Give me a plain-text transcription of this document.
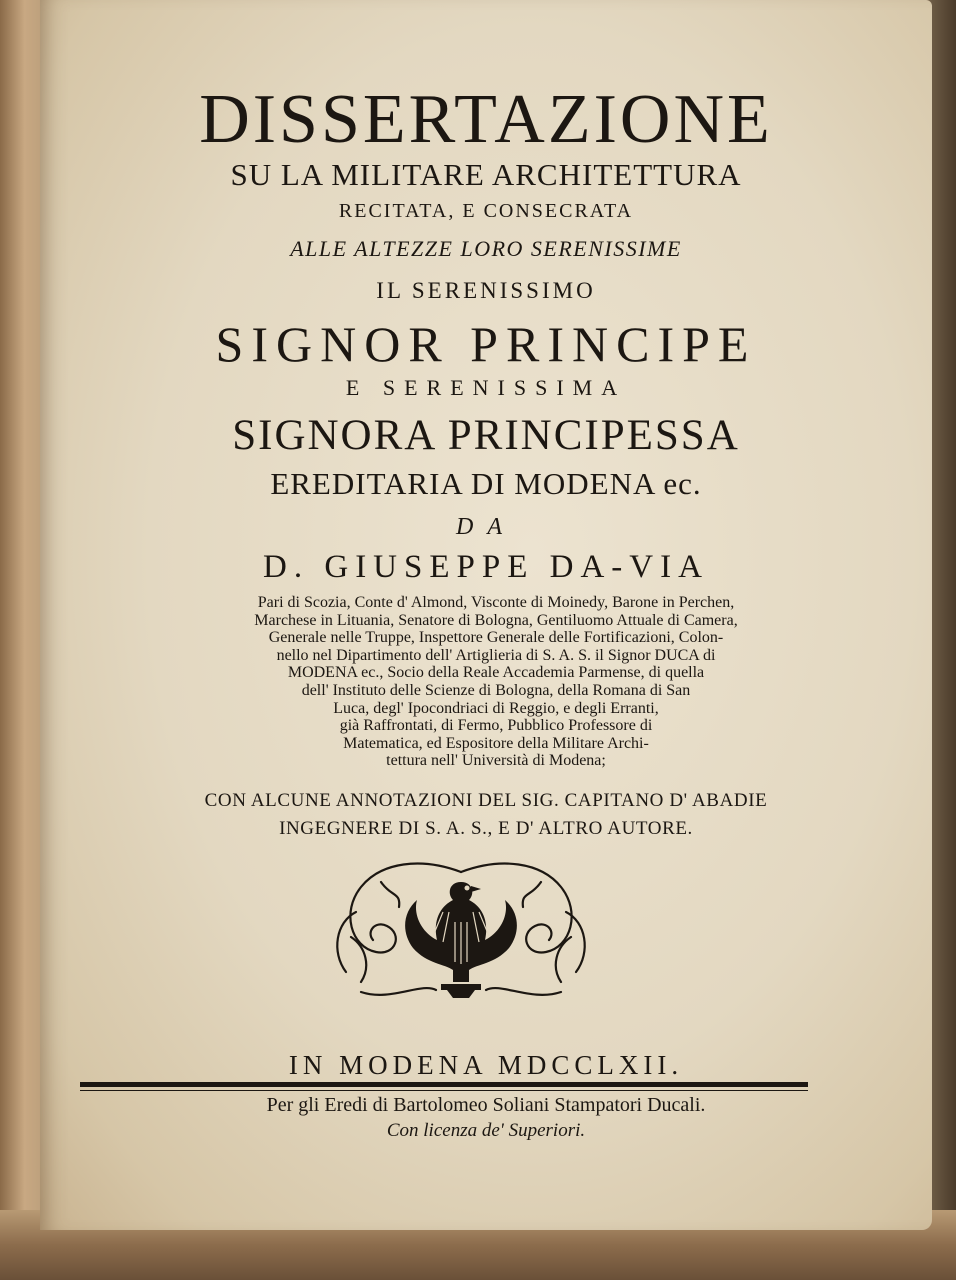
DISSERTAZIONE
SU LA MILITARE ARCHITETTURA
RECITATA, E CONSECRATA
ALLE ALTEZZE LORO SERENISSIME
IL SERENISSIMO
SIGNOR PRINCIPE
E SERENISSIMA
SIGNORA PRINCIPESSA
EREDITARIA DI MODENA ec.
DA
D. GIUSEPPE DA-VIA
Pari di Scozia, Conte d' Almond, Visconte di Moinedy, Barone in Perchen,
Marchese in Lituania, Senatore di Bologna, Gentiluomo Attuale di Camera,
Generale nelle Truppe, Inspettore Generale delle Fortificazioni, Colon-
nello nel Dipartimento dell' Artiglieria di S. A. S. il Signor DUCA di
MODENA ec., Socio della Reale Accademia Parmense, di quella
dell' Instituto delle Scienze di Bologna, della Romana di San
Luca, degl' Ipocondriaci di Reggio, e degli Erranti,
già Raffrontati, di Fermo, Pubblico Professore di
Matematica, ed Espositore della Militare Archi-
tettura nell' Università di Modena;
CON ALCUNE ANNOTAZIONI DEL SIG. CAPITANO D' ABADIE
INGEGNERE DI S. A. S., E D' ALTRO AUTORE.
IN MODENA MDCCLXII.
Per gli Eredi di Bartolomeo Soliani Stampatori Ducali.
Con licenza de' Superiori.
